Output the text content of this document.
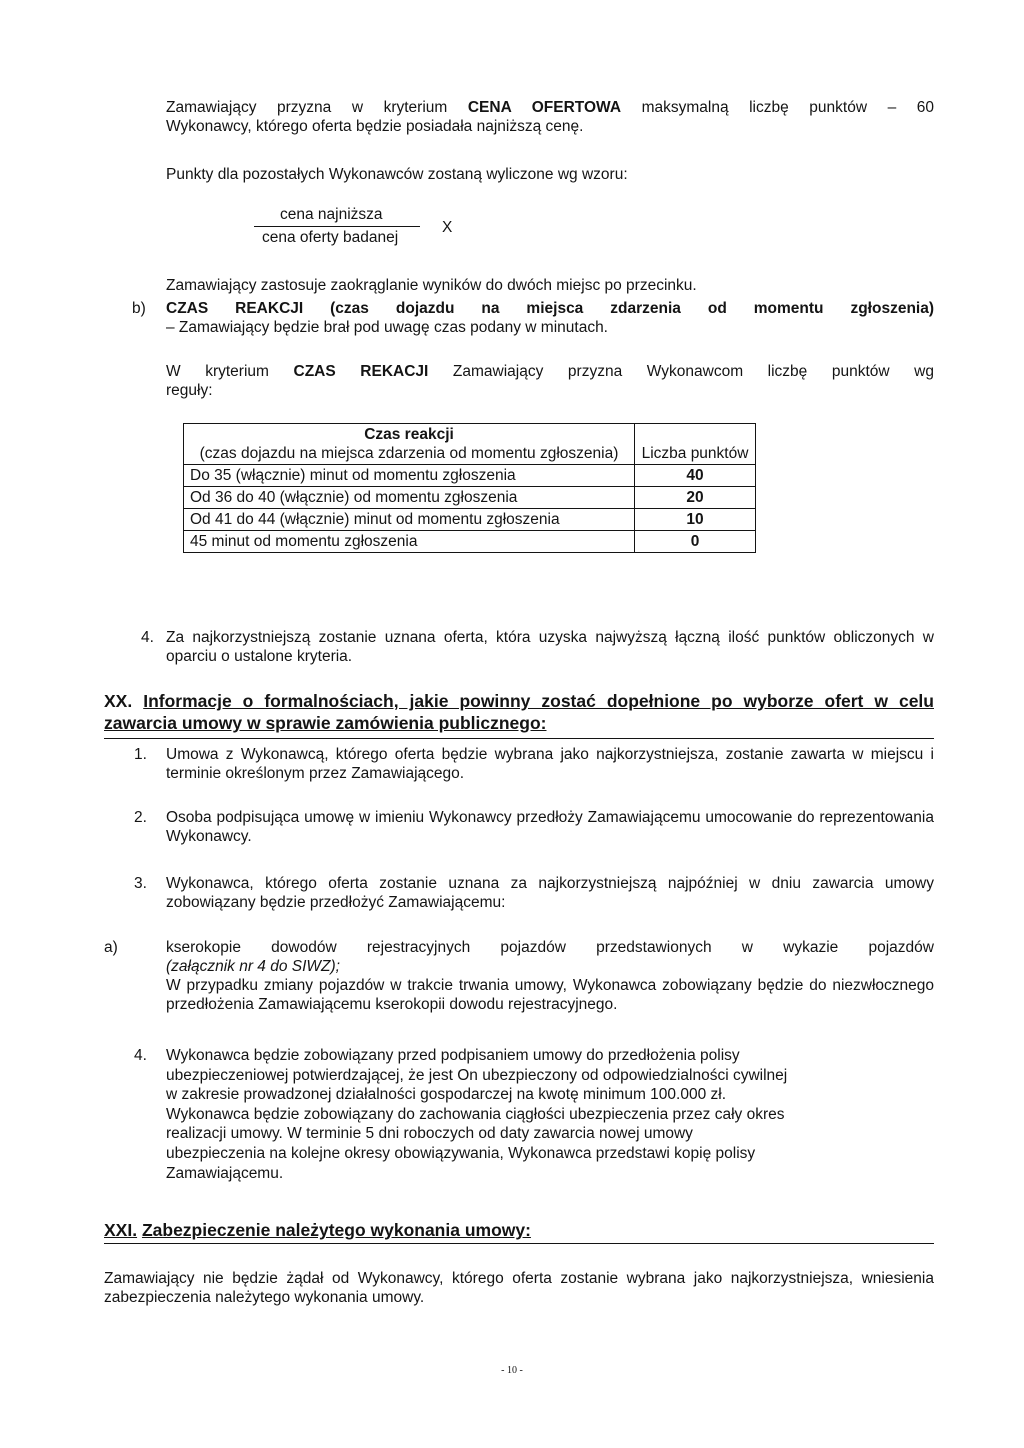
Zamawiający przyzna w kryterium CENA OFERTOWA maksymalną liczbę punktów – 60

Wykonawcy, którego oferta będzie posiadała najniższą cenę.

Punkty dla pozostałych Wykonawców zostaną wyliczone wg wzoru:

cena najniższa
cena oferty badanej
X

Zamawiający zastosuje zaokrąglanie wyników do dwóch miejsc po przecinku.

b) CZAS REAKCJI (czas dojazdu na miejsca zdarzenia od momentu zgłoszenia)

– Zamawiający będzie brał pod uwagę czas podany w minutach.

W kryterium CZAS REKACJI Zamawiający przyzna Wykonawcom liczbę punktów wg

reguły:

Czas reakcji
(czas dojazdu na miejsca zdarzenia od momentu zgłoszenia)	Liczba punktów
Do 35 (włącznie) minut od momentu zgłoszenia	40
Od 36 do 40 (włącznie) od momentu zgłoszenia	20
Od 41 do 44 (włącznie) minut od momentu zgłoszenia	10
45 minut od momentu zgłoszenia	0
4. Za najkorzystniejszą zostanie uznana oferta, która uzyska najwyższą łączną ilość punktów obliczonych w oparciu o ustalone kryteria.

XX. Informacje o formalnościach, jakie powinny zostać dopełnione po wyborze ofert w celu zawarcia umowy w sprawie zamówienia publicznego:
1. Umowa z Wykonawcą, którego oferta będzie wybrana jako najkorzystniejsza, zostanie zawarta w miejscu i terminie określonym przez Zamawiającego.

2. Osoba podpisująca umowę w imieniu Wykonawcy przedłoży Zamawiającemu umocowanie do reprezentowania Wykonawcy.

3. Wykonawca, którego oferta zostanie uznana za najkorzystniejszą najpóźniej w dniu zawarcia umowy zobowiązany będzie przedłożyć Zamawiającemu:

a)	kserokopie dowodów rejestracyjnych pojazdów przedstawionych w wykazie pojazdów

(załącznik nr 4 do SIWZ);

W przypadku zmiany pojazdów w trakcie trwania umowy, Wykonawca zobowiązany będzie do niezwłocznego przedłożenia Zamawiającemu kserokopii dowodu rejestracyjnego.

4. Wykonawca będzie zobowiązany przed podpisaniem umowy do przedłożenia polisy

ubezpieczeniowej potwierdzającej, że jest On ubezpieczony od odpowiedzialności cywilnej

w zakresie prowadzonej działalności gospodarczej na kwotę minimum 100.000 zł.

Wykonawca będzie zobowiązany do zachowania ciągłości ubezpieczenia przez cały okres

realizacji umowy. W terminie 5 dni roboczych od daty zawarcia nowej umowy

ubezpieczenia na kolejne okresy obowiązywania, Wykonawca przedstawi kopię polisy

Zamawiającemu.

XXI. Zabezpieczenie należytego wykonania umowy:

Zamawiający nie będzie żądał od Wykonawcy, którego oferta zostanie wybrana jako najkorzystniejsza, wniesienia zabezpieczenia należytego wykonania umowy.

- 10 -
